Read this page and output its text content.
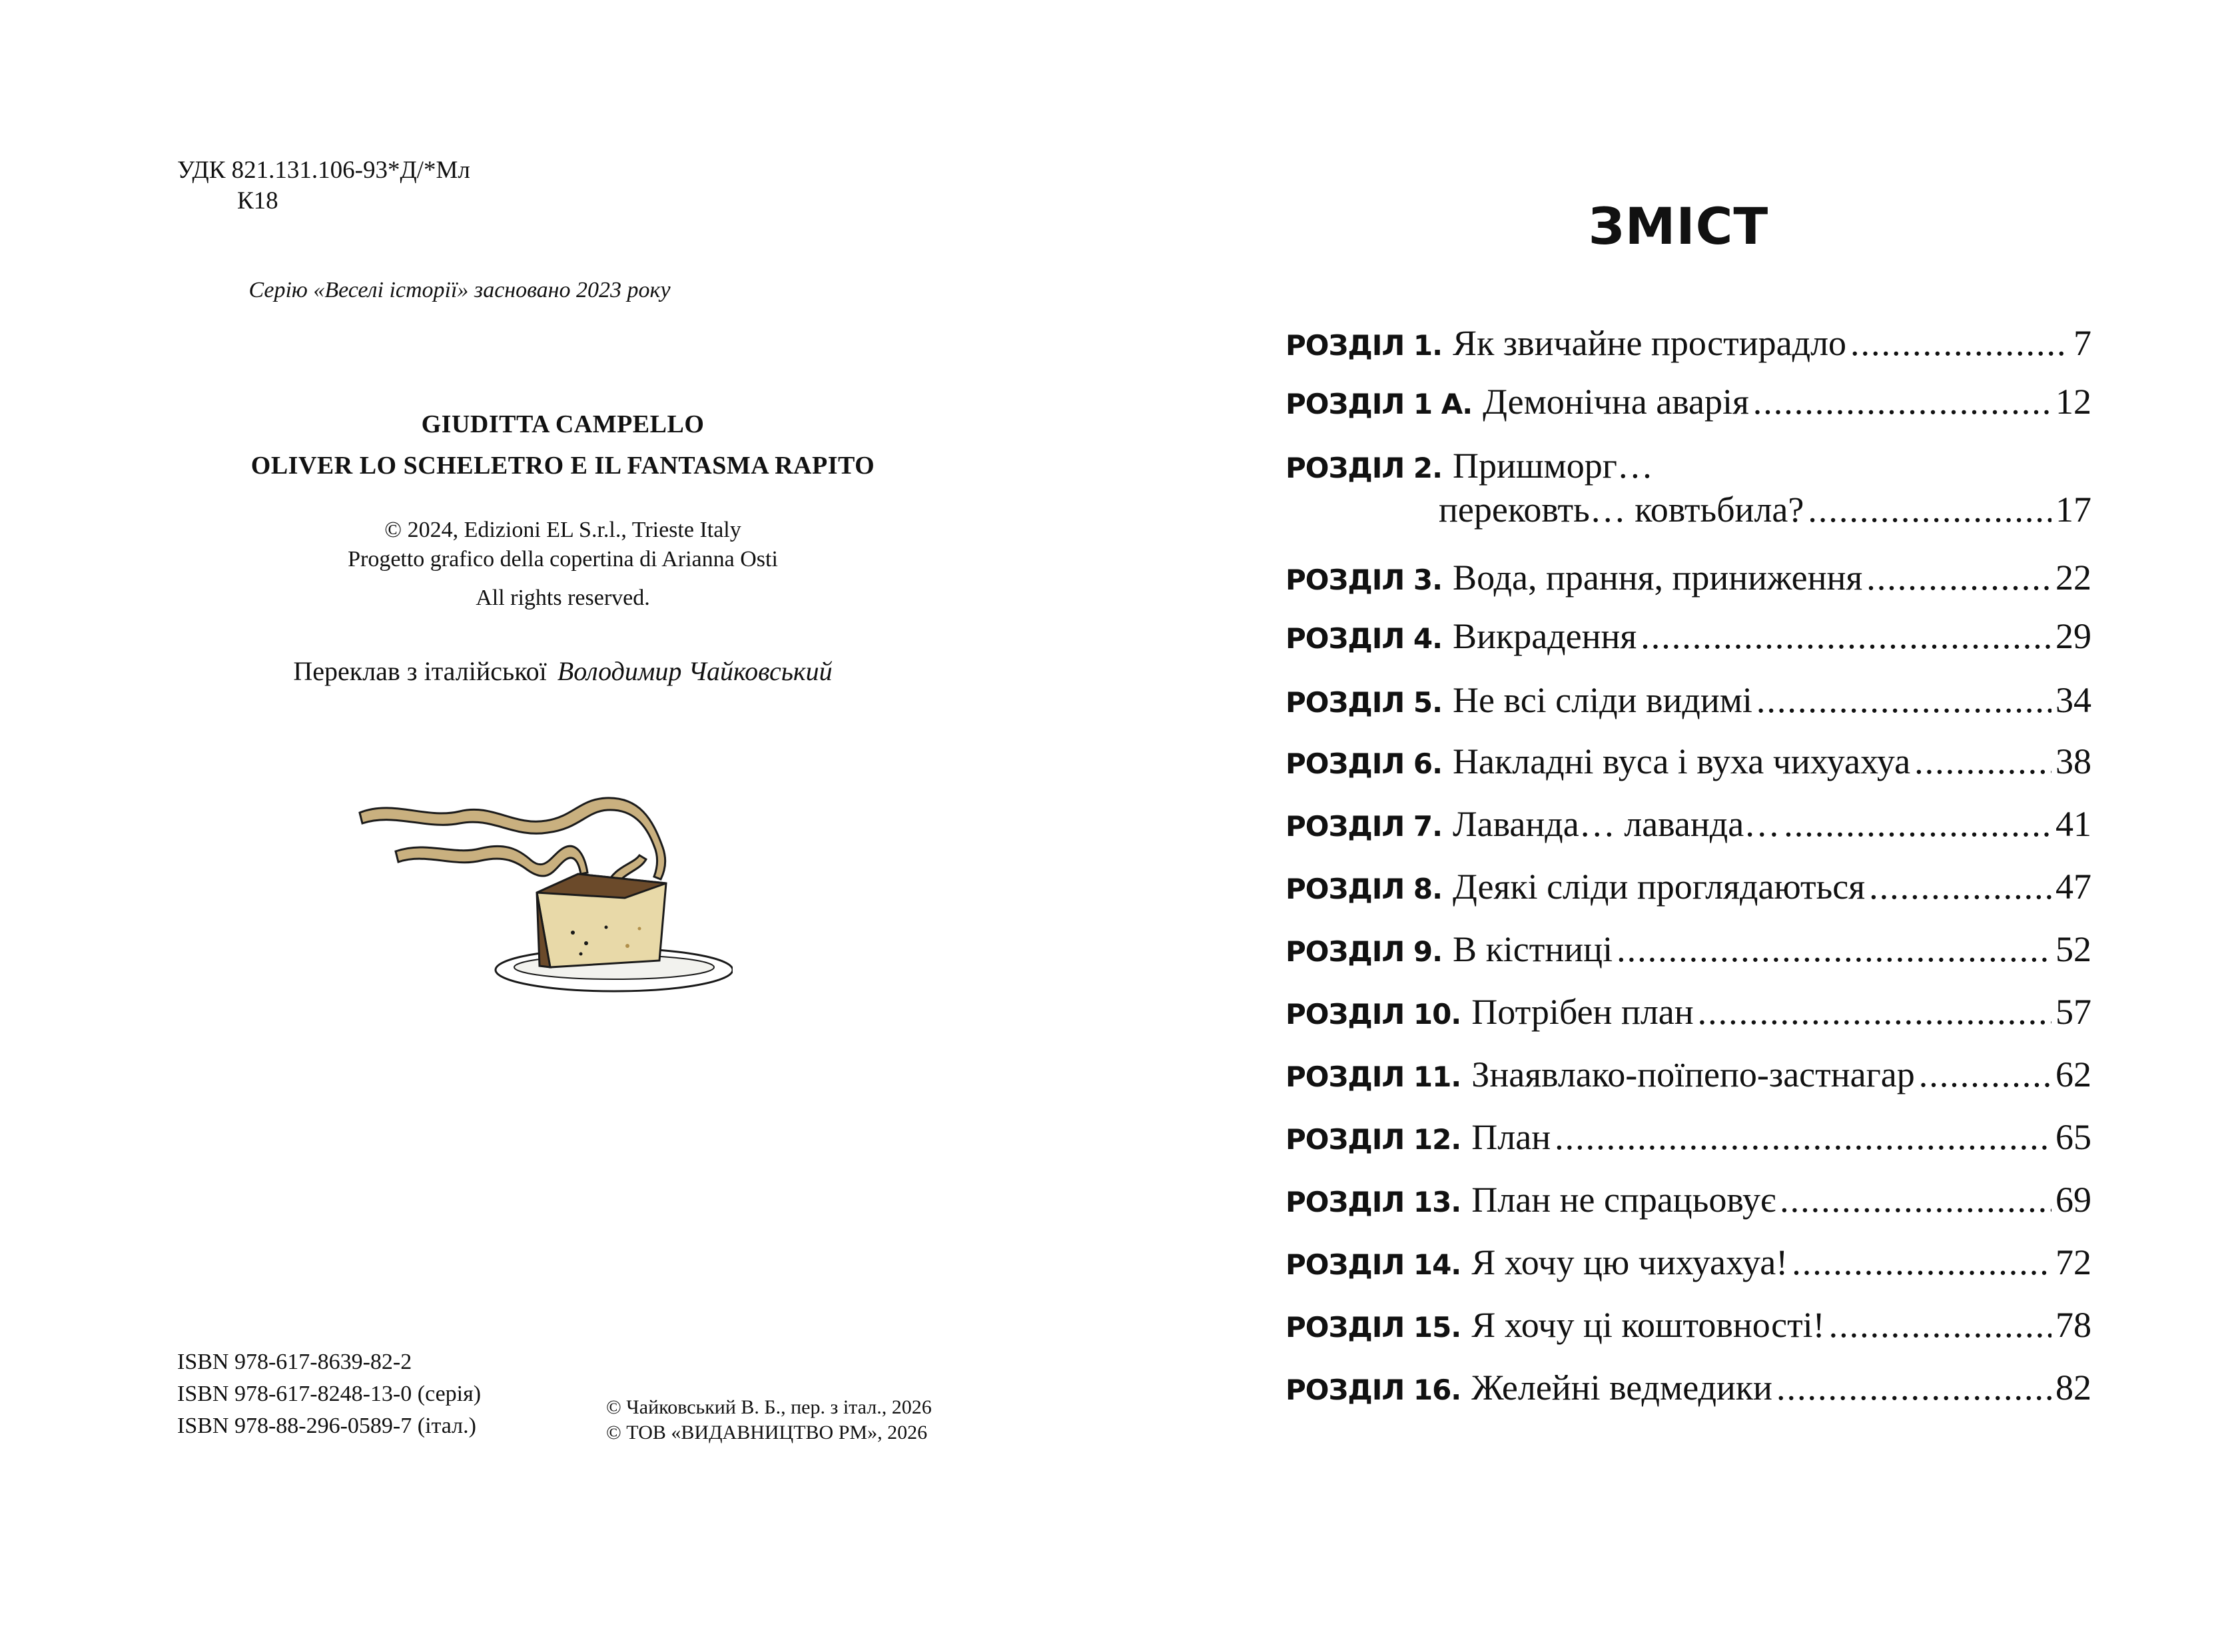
УДК 821.131.106-93*Д/*Мл
К18
Серію «Веселі історії» засновано 2023 року
GIUDITTA CAMPELLO
OLIVER LO SCHELETRO E IL FANTASMA RAPITO
© 2024, Edizioni EL S.r.l., Trieste Italy
Progetto grafico della copertina di Arianna Osti
All rights reserved.
Переклав з італійської Володимир Чайковський
ISBN 978-617-8639-82-2
ISBN 978-617-8248-13-0 (серія)
ISBN 978-88-296-0589-7 (італ.)
© Чайковський В. Б., пер. з італ., 2026
© ТОВ «ВИДАВНИЦТВО РМ», 2026
ЗМІСТ
РОЗДІЛ 1. Як звичайне простирадло .....	7
РОЗДІЛ 1 А. Демонічна аварія .....	12
РОЗДІЛ 2. Пришморг…
перековть… ковтьбила? .....	17
РОЗДІЛ 3. Вода, прання, приниження .....	22
РОЗДІЛ 4. Викрадення .....	29
РОЗДІЛ 5. Не всі сліди видимі .....	34
РОЗДІЛ 6. Накладні вуса і вуха чихуахуа .....	38
РОЗДІЛ 7. Лаванда… лаванда… .....	41
РОЗДІЛ 8. Деякі сліди проглядаються .....	47
РОЗДІЛ 9. В кістниці .....	52
РОЗДІЛ 10. Потрібен план .....	57
РОЗДІЛ 11. Знаявлако-поїпепо-застнагар .....	62
РОЗДІЛ 12. План .....	65
РОЗДІЛ 13. План не спрацьовує .....	69
РОЗДІЛ 14. Я хочу цю чихуахуа! .....	72
РОЗДІЛ 15. Я хочу ці коштовності! .....	78
РОЗДІЛ 16. Желейні ведмедики .....	82
